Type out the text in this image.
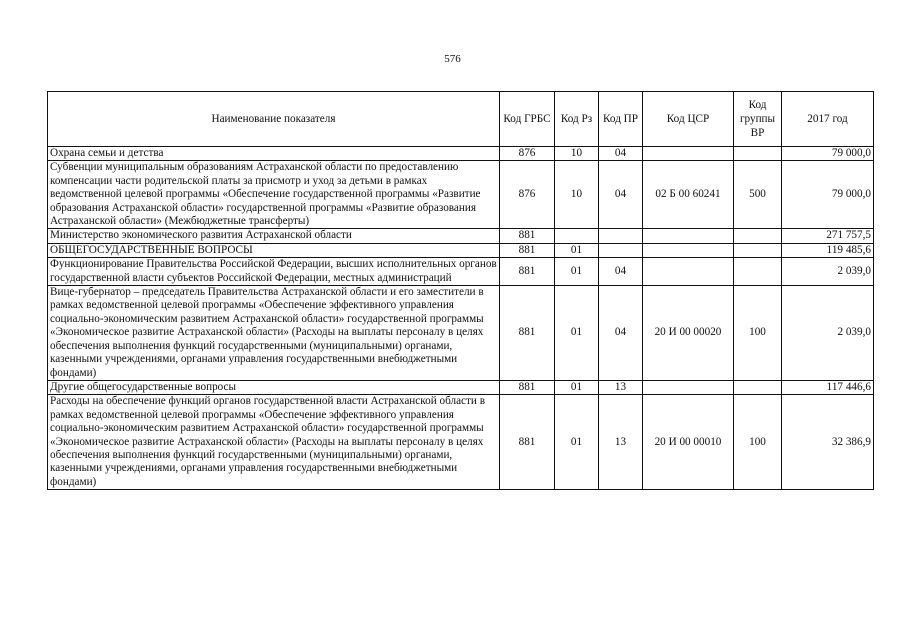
576
Наименование показателя	Код ГРБС	Код Рз	Код ПР	Код ЦСР	Код группы ВР	2017 год
Охрана семьи и детства	876	10	04			79 000,0
Субвенции муниципальным образованиям Астраханской области по предоставлению компенсации части родительской платы за присмотр и уход за детьми в рамках ведомственной целевой программы «Обеспечение государственной программы «Развитие образования Астраханской области» государственной программы «Развитие образования Астраханской области» (Межбюджетные трансферты)	876	10	04	02 Б 00 60241	500	79 000,0
Министерство экономического развития Астраханской области	881					271 757,5
ОБЩЕГОСУДАРСТВЕННЫЕ ВОПРОСЫ	881	01				119 485,6
Функционирование Правительства Российской Федерации, высших исполнительных органов государственной власти субъектов Российской Федерации, местных администраций	881	01	04			2 039,0
Вице-губернатор – председатель Правительства Астраханской области и его заместители в рамках ведомственной целевой программы «Обеспечение эффективного управления социально-экономическим развитием Астраханской области» государственной программы «Экономическое развитие Астраханской области» (Расходы на выплаты персоналу в целях обеспечения выполнения функций государственными (муниципальными) органами, казенными учреждениями, органами управления государственными внебюджетными фондами)	881	01	04	20 И 00 00020	100	2 039,0
Другие общегосударственные вопросы	881	01	13			117 446,6
Расходы на обеспечение функций органов государственной власти Астраханской области в рамках ведомственной целевой программы «Обеспечение эффективного управления социально-экономическим развитием Астраханской области» государственной программы «Экономическое развитие Астраханской области» (Расходы на выплаты персоналу в целях обеспечения выполнения функций государственными (муниципальными) органами, казенными учреждениями, органами управления государственными внебюджетными фондами)	881	01	13	20 И 00 00010	100	32 386,9
